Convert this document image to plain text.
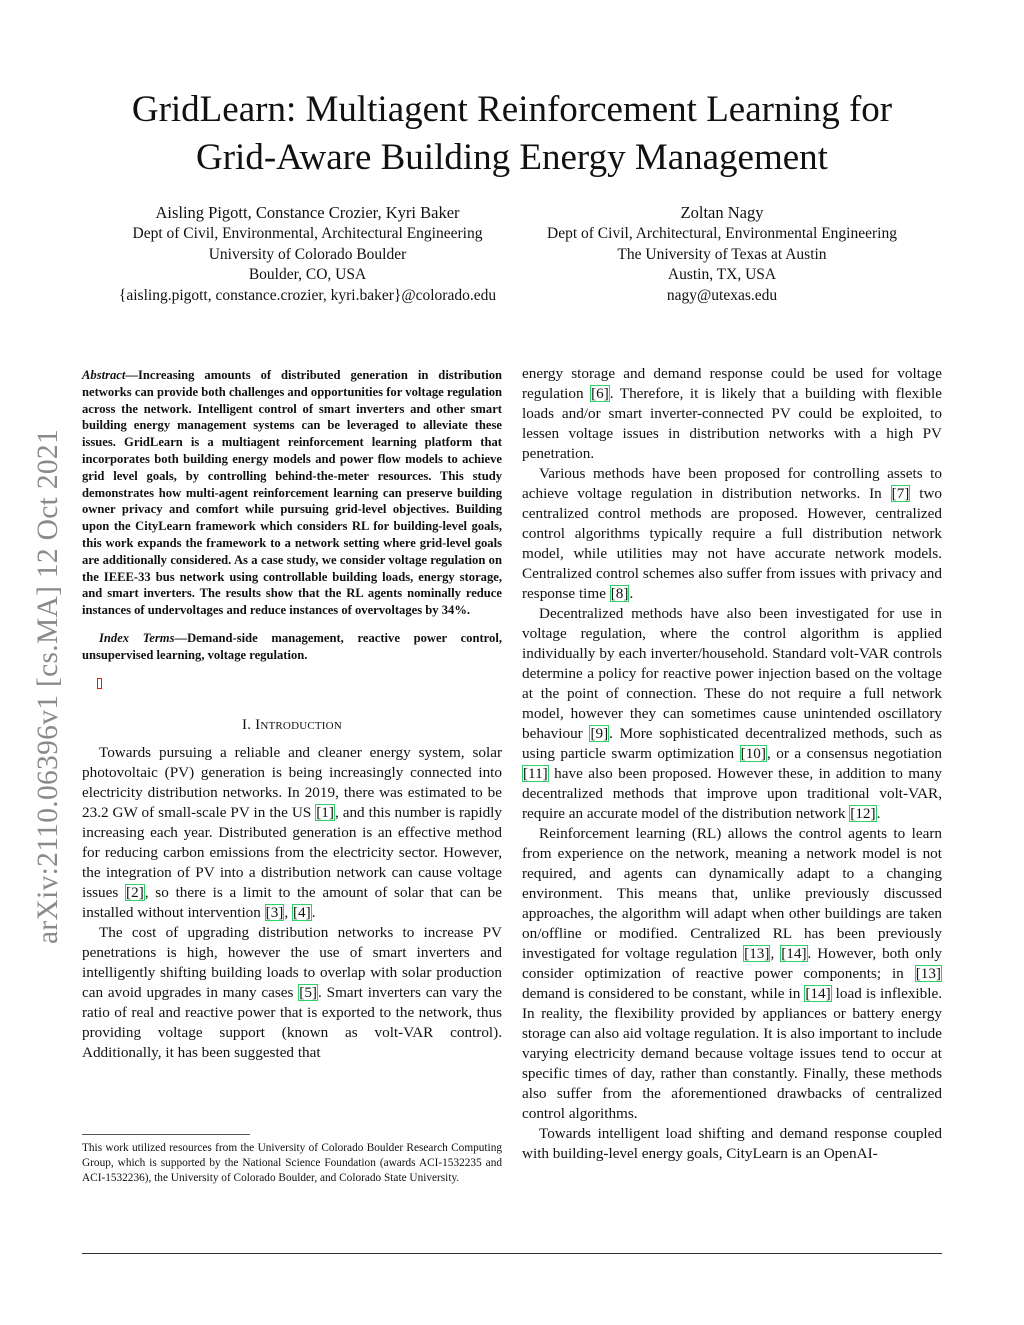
GridLearn: Multiagent Reinforcement Learning for
Grid-Aware Building Energy Management
Aisling Pigott, Constance Crozier, Kyri Baker
Dept of Civil, Environmental, Architectural Engineering
University of Colorado Boulder
Boulder, CO, USA
{aisling.pigott, constance.crozier, kyri.baker}@colorado.edu
Zoltan Nagy
Dept of Civil, Architectural, Environmental Engineering
The University of Texas at Austin
Austin, TX, USA
nagy@utexas.edu
arXiv:2110.06396v1 [cs.MA] 12 Oct 2021
Abstract—Increasing amounts of distributed generation in distribution networks can provide both challenges and opportunities for voltage regulation across the network. Intelligent control of smart inverters and other smart building energy management systems can be leveraged to alleviate these issues. GridLearn is a multiagent reinforcement learning platform that incorporates both building energy models and power flow models to achieve grid level goals, by controlling behind-the-meter resources. This study demonstrates how multi-agent reinforcement learning can preserve building owner privacy and comfort while pursuing grid-level objectives. Building upon the CityLearn framework which considers RL for building-level goals, this work expands the framework to a network setting where grid-level goals are additionally considered. As a case study, we consider voltage regulation on the IEEE-33 bus network using controllable building loads, energy storage, and smart inverters. The results show that the RL agents nominally reduce instances of undervoltages and reduce instances of overvoltages by 34%.
Index Terms—Demand-side management, reactive power control, unsupervised learning, voltage regulation.
I. Introduction

Towards pursuing a reliable and cleaner energy system, solar photovoltaic (PV) generation is being increasingly connected into electricity distribution networks. In 2019, there was estimated to be 23.2 GW of small-scale PV in the US [1], and this number is rapidly increasing each year. Distributed generation is an effective method for reducing carbon emissions from the electricity sector. However, the integration of PV into a distribution network can cause voltage issues [2], so there is a limit to the amount of solar that can be installed without intervention [3], [4].

The cost of upgrading distribution networks to increase PV penetrations is high, however the use of smart inverters and intelligently shifting building loads to overlap with solar production can avoid upgrades in many cases [5]. Smart inverters can vary the ratio of real and reactive power that is exported to the network, thus providing voltage support (known as volt-VAR control). Additionally, it has been suggested that

This work utilized resources from the University of Colorado Boulder Research Computing Group, which is supported by the National Science Foundation (awards ACI-1532235 and ACI-1532236), the University of Colorado Boulder, and Colorado State University.

energy storage and demand response could be used for voltage regulation [6]. Therefore, it is likely that a building with flexible loads and/or smart inverter-connected PV could be exploited, to lessen voltage issues in distribution networks with a high PV penetration.

Various methods have been proposed for controlling assets to achieve voltage regulation in distribution networks. In [7] two centralized control methods are proposed. However, centralized control algorithms typically require a full distribution network model, while utilities may not have accurate network models. Centralized control schemes also suffer from issues with privacy and response time [8].

Decentralized methods have also been investigated for use in voltage regulation, where the control algorithm is applied individually by each inverter/household. Standard volt-VAR controls determine a policy for reactive power injection based on the voltage at the point of connection. These do not require a full network model, however they can sometimes cause unintended oscillatory behaviour [9]. More sophisticated decentralized methods, such as using particle swarm optimization [10], or a consensus negotiation [11] have also been proposed. However these, in addition to many decentralized methods that improve upon traditional volt-VAR, require an accurate model of the distribution network [12].

Reinforcement learning (RL) allows the control agents to learn from experience on the network, meaning a network model is not required, and agents can dynamically adapt to a changing environment. This means that, unlike previously discussed approaches, the algorithm will adapt when other buildings are taken on/offline or modified. Centralized RL has been previously investigated for voltage regulation [13], [14]. However, both only consider optimization of reactive power components; in [13] demand is considered to be constant, while in [14] load is inflexible. In reality, the flexibility provided by appliances or battery energy storage can also aid voltage regulation. It is also important to include varying electricity demand because voltage issues tend to occur at specific times of day, rather than constantly. Finally, these methods also suffer from the aforementioned drawbacks of centralized control algorithms.

Towards intelligent load shifting and demand response coupled with building-level energy goals, CityLearn is an OpenAI-
